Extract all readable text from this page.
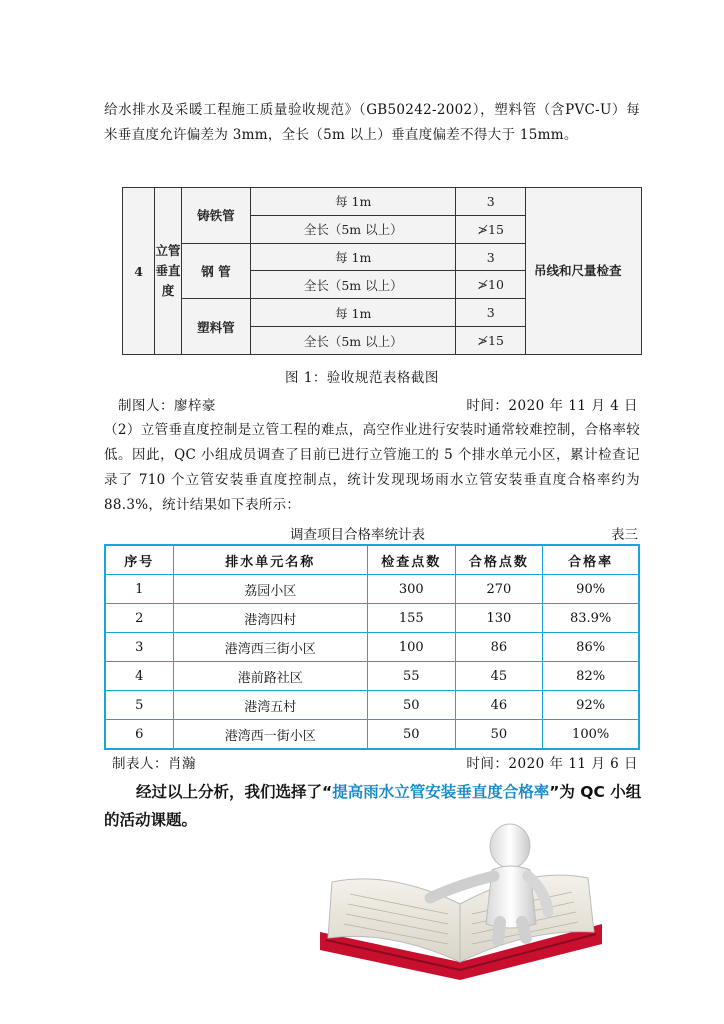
给水排水及采暖工程施工质量验收规范》（GB50242-2002），塑料管（含PVC-U）每米垂直度允许偏差为 3mm，全长（5m 以上）垂直度偏差不得大于 15mm。

4	立管垂直度	铸铁管	每 1m	3	吊线和尺量检查
			全长（5m 以上）	≯15	
		钢 管	每 1m	3	
			全长（5m 以上）	≯10	
		塑料管	每 1m	3	
			全长（5m 以上）	≯15	
图 1：验收规范表格截图
制图人：廖梓豪	时间：2020 年 11 月 4 日

（2）立管垂直度控制是立管工程的难点，高空作业进行安装时通常较难控制，合格率较低。因此，QC 小组成员调查了目前已进行立管施工的 5 个排水单元小区，累计检查记录了 710 个立管安装垂直度控制点，统计发现现场雨水立管安装垂直度合格率约为 88.3%，统计结果如下表所示：

调查项目合格率统计表	表三
序号	排水单元名称	检查点数	合格点数	合格率
1	荔园小区	300	270	90%
2	港湾四村	155	130	83.9%
3	港湾西三街小区	100	86	86%
4	港前路社区	55	45	82%
5	港湾五村	50	46	92%
6	港湾西一街小区	50	50	100%
制表人：肖瀚	时间：2020 年 11 月 6 日
经过以上分析，我们选择了“提高雨水立管安装垂直度合格率”为 QC 小组的活动课题。
